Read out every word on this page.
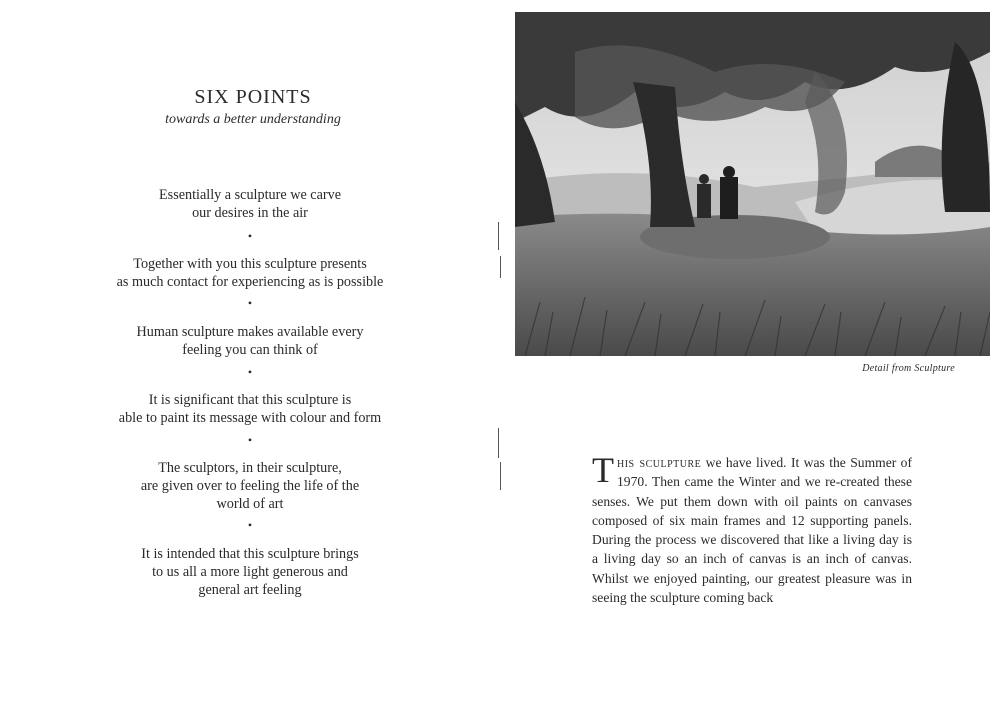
SIX POINTS
towards a better understanding
Essentially a sculpture we carve
our desires in the air
•
Together with you this sculpture presents
as much contact for experiencing as is possible
•
Human sculpture makes available every
feeling you can think of
•
It is significant that this sculpture is
able to paint its message with colour and form
•
The sculptors, in their sculpture,
are given over to feeling the life of the
world of art
•
It is intended that this sculpture brings
to us all a more light generous and
general art feeling
Detail from Sculpture
This sculpture we have lived. It was the Summer of 1970. Then came the Winter and we re-created these senses. We put them down with oil paints on canvases composed of six main frames and 12 supporting panels. During the process we discovered that like a living day is a living day so an inch of canvas is an inch of canvas. Whilst we enjoyed painting, our greatest pleasure was in seeing the sculpture coming back
